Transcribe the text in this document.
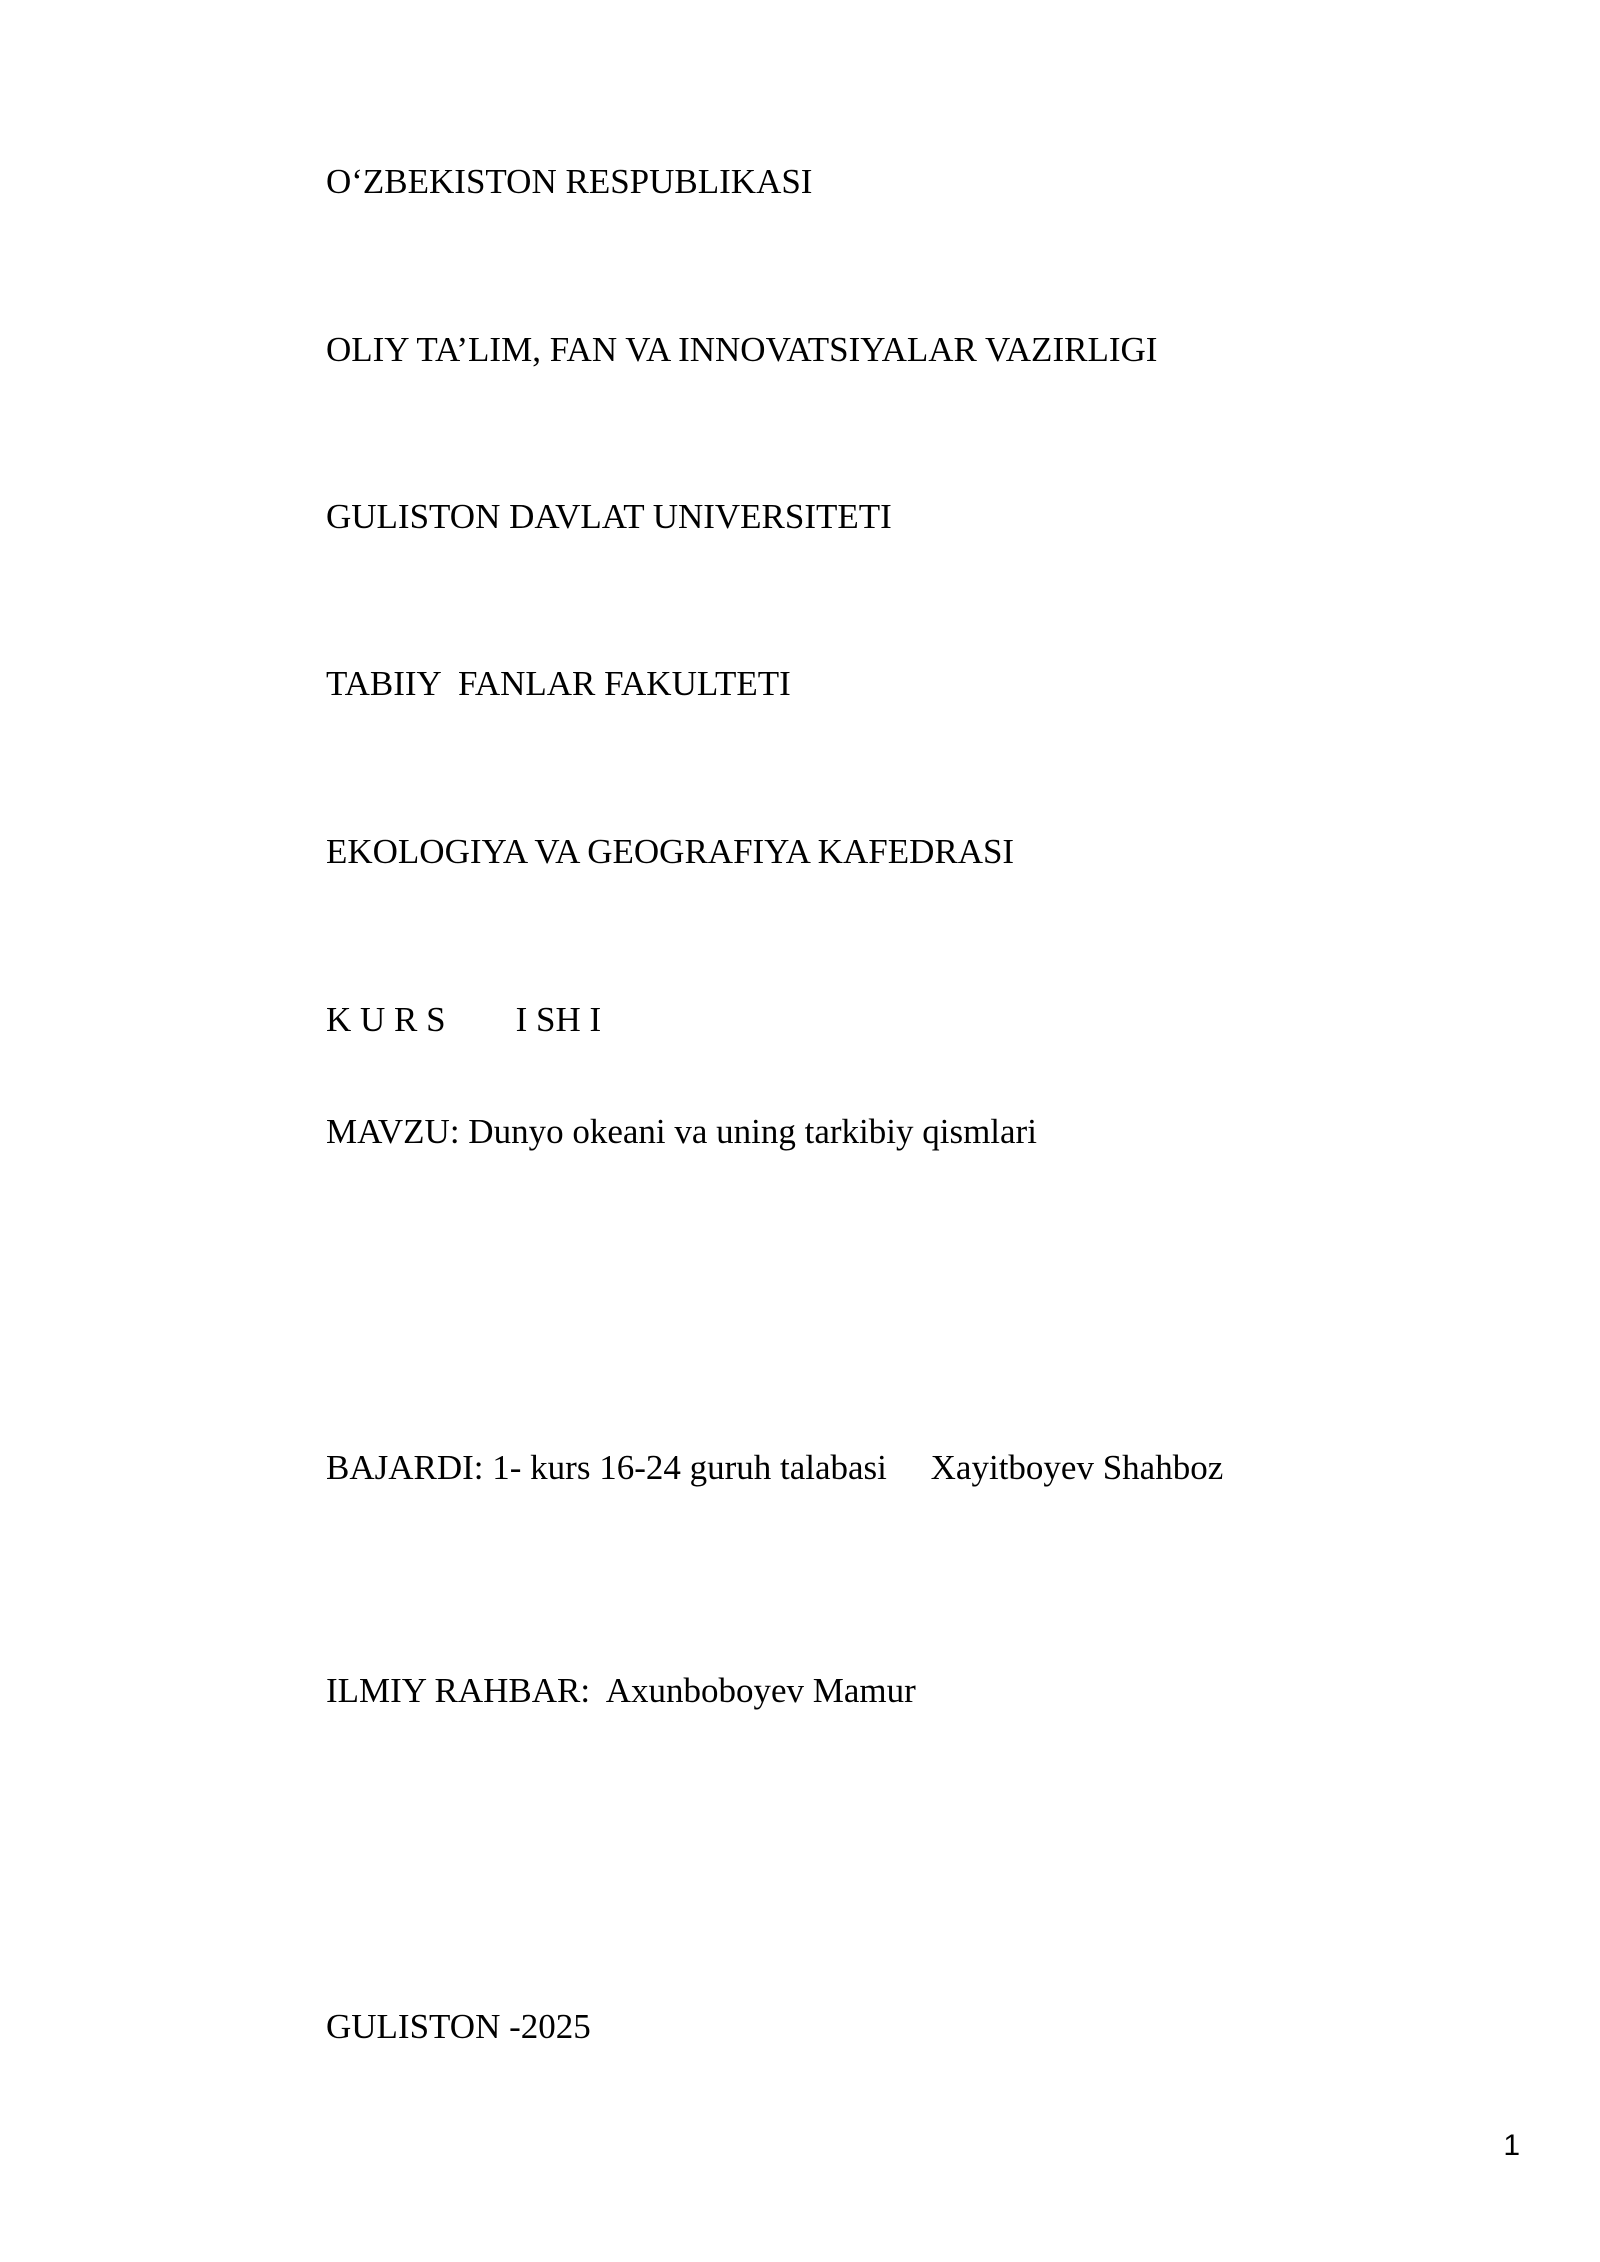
O‘ZBEKISTON RESPUBLIKASI

OLIY TA’LIM, FAN VA INNOVATSIYALAR VAZIRLIGI

GULISTON DAVLAT UNIVERSITETI

TABIIY  FANLAR FAKULTETI

EKOLOGIYA VA GEOGRAFIYA KAFEDRASI

K U R S        I SH I

MAVZU: Dunyo okeani va uning tarkibiy qismlari

BAJARDI: 1- kurs 16-24 guruh talabasi     Xayitboyev Shahboz

ILMIY RAHBAR:  Axunboboyev Mamur

GULISTON -2025

1
